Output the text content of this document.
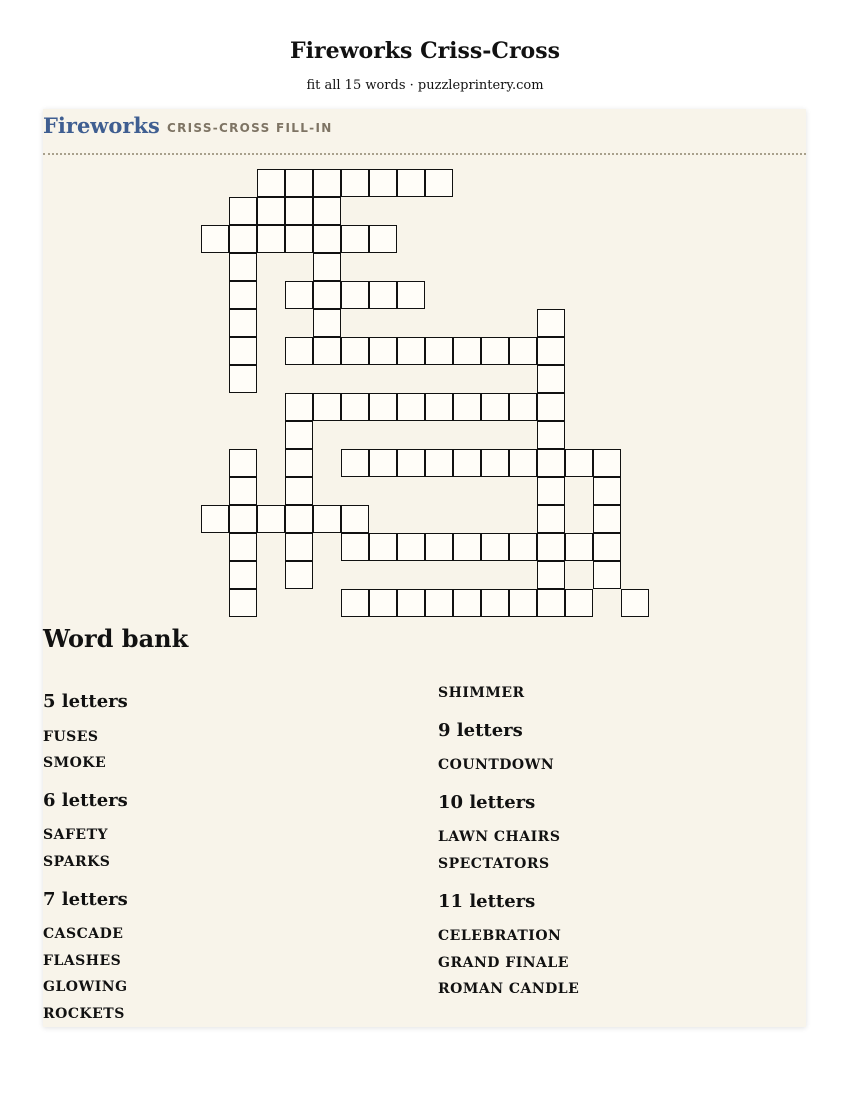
Fireworks Criss-Cross
fit all 15 words · puzzleprintery.com
Fireworks CRISS-CROSS FILL-IN
Word bank
5 letters
FUSES
SMOKE
6 letters
SAFETY
SPARKS
7 letters
CASCADE
FLASHES
GLOWING
ROCKETS
SHIMMER
9 letters
COUNTDOWN
10 letters
LAWN CHAIRS
SPECTATORS
11 letters
CELEBRATION
GRAND FINALE
ROMAN CANDLE
